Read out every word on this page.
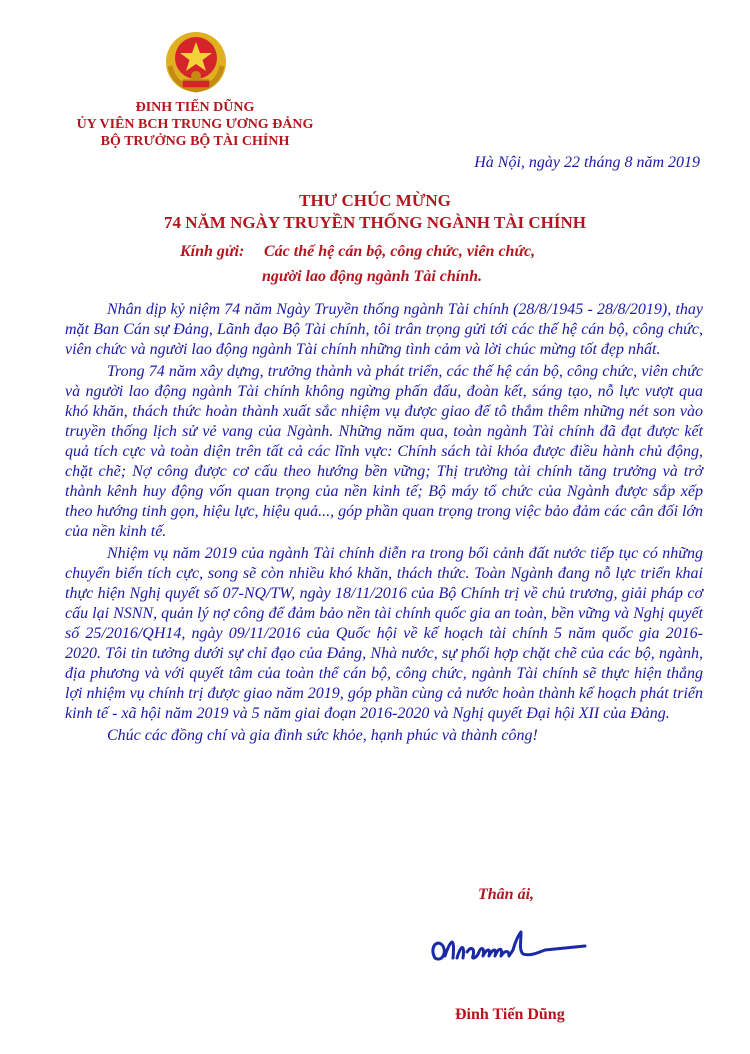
ĐINH TIẾN DŨNG
ỦY VIÊN BCH TRUNG ƯƠNG ĐẢNG
BỘ TRƯỞNG BỘ TÀI CHÍNH
Hà Nội, ngày 22 tháng 8 năm 2019
THƯ CHÚC MỪNG
74 NĂM NGÀY TRUYỀN THỐNG NGÀNH TÀI CHÍNH
Kính gửi: Các thế hệ cán bộ, công chức, viên chức,
người lao động ngành Tài chính.

Nhân dịp kỷ niệm 74 năm Ngày Truyền thống ngành Tài chính (28/8/1945 - 28/8/2019), thay mặt Ban Cán sự Đảng, Lãnh đạo Bộ Tài chính, tôi trân trọng gửi tới các thế hệ cán bộ, công chức, viên chức và người lao động ngành Tài chính những tình cảm và lời chúc mừng tốt đẹp nhất.

Trong 74 năm xây dựng, trưởng thành và phát triển, các thế hệ cán bộ, công chức, viên chức và người lao động ngành Tài chính không ngừng phấn đấu, đoàn kết, sáng tạo, nỗ lực vượt qua khó khăn, thách thức hoàn thành xuất sắc nhiệm vụ được giao để tô thắm thêm những nét son vào truyền thống lịch sử vẻ vang của Ngành. Những năm qua, toàn ngành Tài chính đã đạt được kết quả tích cực và toàn diện trên tất cả các lĩnh vực: Chính sách tài khóa được điều hành chủ động, chặt chẽ; Nợ công được cơ cấu theo hướng bền vững; Thị trường tài chính tăng trưởng và trở thành kênh huy động vốn quan trọng của nền kinh tế; Bộ máy tổ chức của Ngành được sắp xếp theo hướng tinh gọn, hiệu lực, hiệu quả..., góp phần quan trọng trong việc bảo đảm các cân đối lớn của nền kinh tế.

Nhiệm vụ năm 2019 của ngành Tài chính diễn ra trong bối cảnh đất nước tiếp tục có những chuyển biến tích cực, song sẽ còn nhiều khó khăn, thách thức. Toàn Ngành đang nỗ lực triển khai thực hiện Nghị quyết số 07-NQ/TW, ngày 18/11/2016 của Bộ Chính trị về chủ trương, giải pháp cơ cấu lại NSNN, quản lý nợ công để đảm bảo nền tài chính quốc gia an toàn, bền vững và Nghị quyết số 25/2016/QH14, ngày 09/11/2016 của Quốc hội về kế hoạch tài chính 5 năm quốc gia 2016-2020. Tôi tin tưởng dưới sự chỉ đạo của Đảng, Nhà nước, sự phối hợp chặt chẽ của các bộ, ngành, địa phương và với quyết tâm của toàn thể cán bộ, công chức, ngành Tài chính sẽ thực hiện thắng lợi nhiệm vụ chính trị được giao năm 2019, góp phần cùng cả nước hoàn thành kế hoạch phát triển kinh tế - xã hội năm 2019 và 5 năm giai đoạn 2016-2020 và Nghị quyết Đại hội XII của Đảng.

Chúc các đồng chí và gia đình sức khỏe, hạnh phúc và thành công!

Thân ái,
Đinh Tiến Dũng
